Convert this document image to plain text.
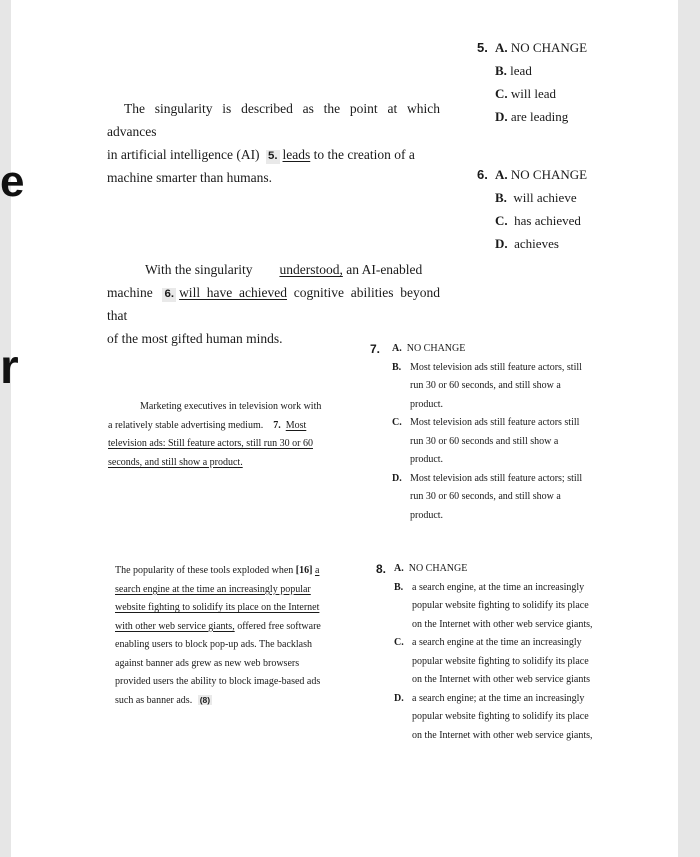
e
r

The singularity is described as the point at which advances

in artificial intelligence (AI) 5. leads to the creation of a

machine smarter than humans.

5. A. NO CHANGE
B. lead
C. will lead
D. are leading
6. A. NO CHANGE
B. will achieve
C. has achieved
D. achieves

With the singularity understood, an AI-enabled

machine 6. will have achieved cognitive abilities beyond that

of the most gifted human minds.

7. A. NO CHANGE
B. Most television ads still feature actors, still
run 30 or 60 seconds, and still show a
product.
C. Most television ads still feature actors still
run 30 or 60 seconds and still show a
product.
D. Most television ads still feature actors; still
run 30 or 60 seconds, and still show a
product.

Marketing executives in television work with

a relatively stable advertising medium. 7. Most

television ads: Still feature actors, still run 30 or 60

seconds, and still show a product.

The popularity of these tools exploded when [16] a

search engine at the time an increasingly popular

website fighting to solidify its place on the Internet

with other web service giants, offered free software

enabling users to block pop-up ads. The backlash

against banner ads grew as new web browsers

provided users the ability to block image-based ads

such as banner ads. (8)

8. A. NO CHANGE
B. a search engine, at the time an increasingly
popular website fighting to solidify its place
on the Internet with other web service giants,
C. a search engine at the time an increasingly
popular website fighting to solidify its place
on the Internet with other web service giants
D. a search engine; at the time an increasingly
popular website fighting to solidify its place
on the Internet with other web service giants,
